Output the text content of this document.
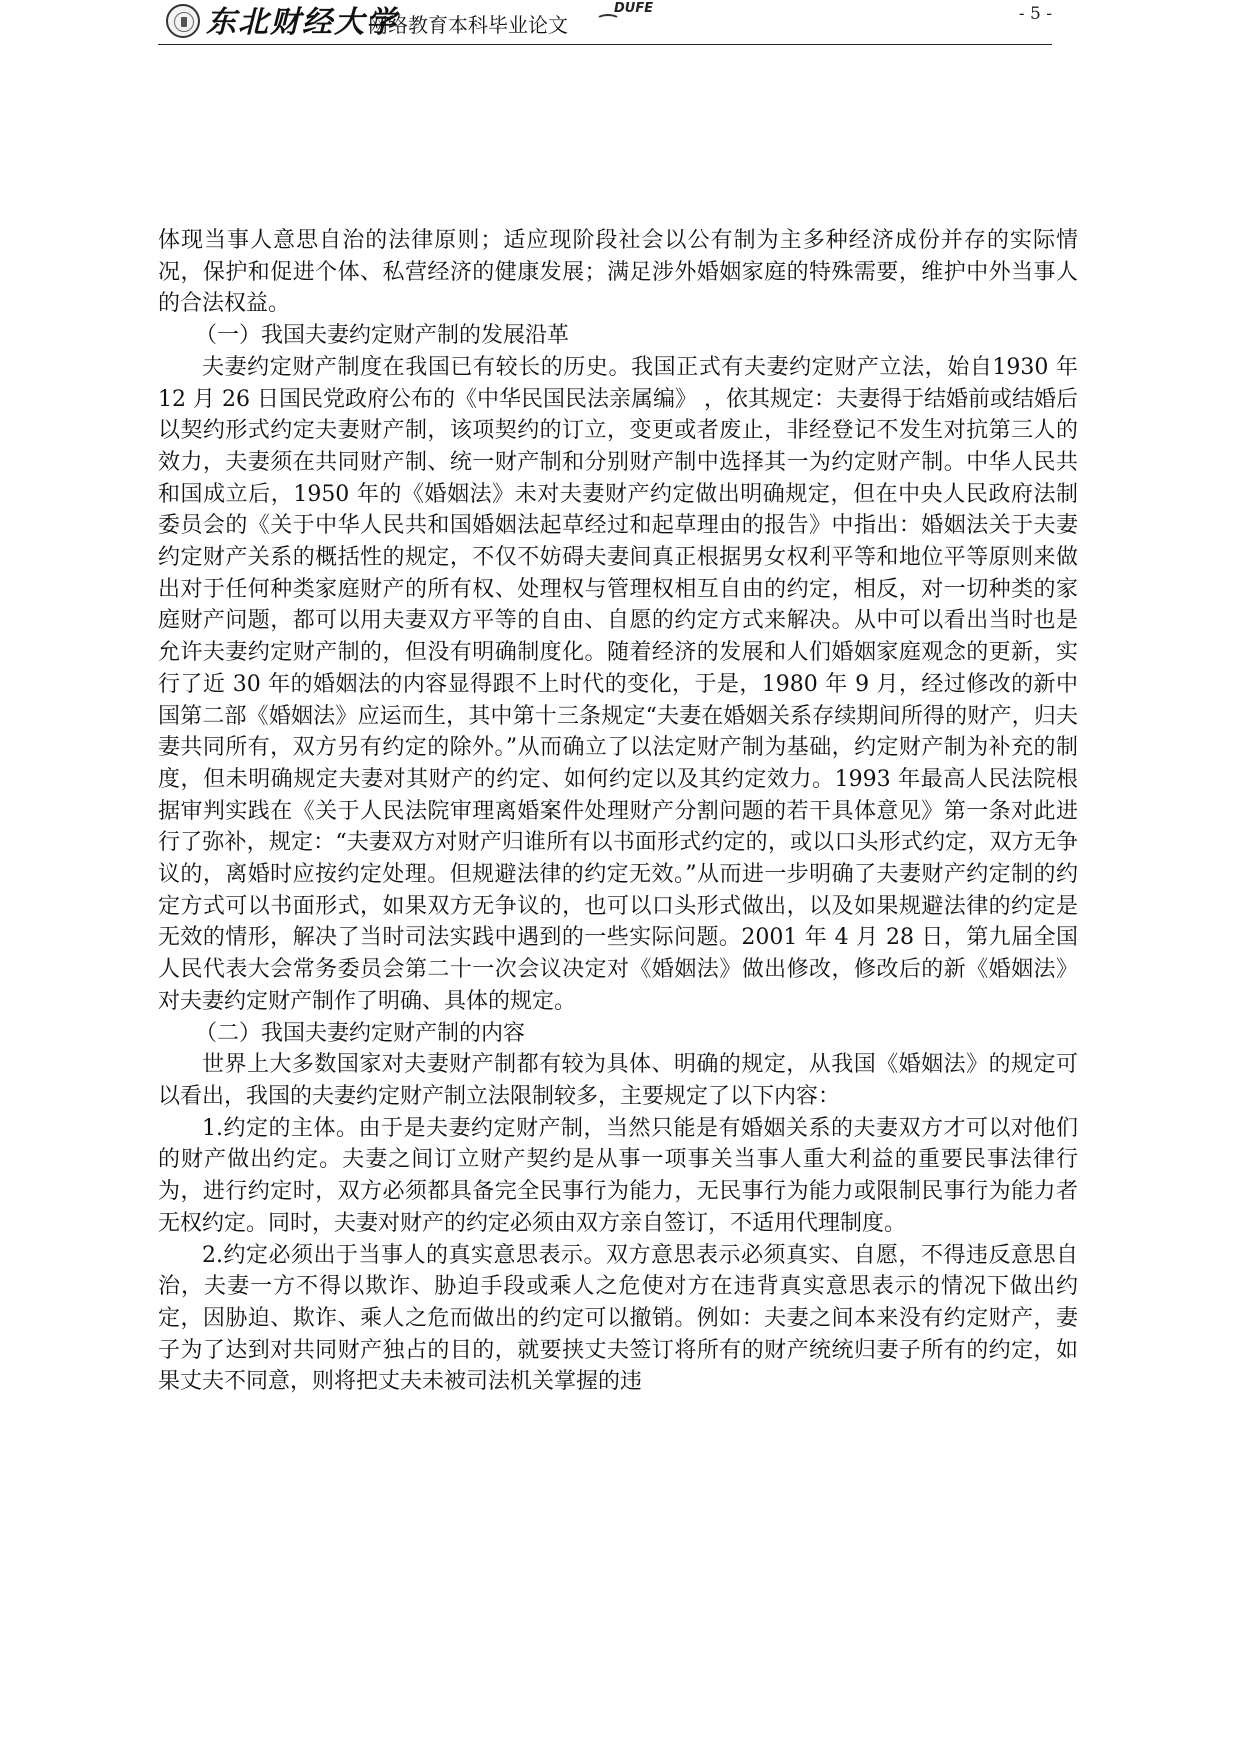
东北财经大学
网络教育本科毕业论文
DUFE	- 5 -

体现当事人意思自治的法律原则；适应现阶段社会以公有制为主多种经济成份并存的实际情况，保护和促进个体、私营经济的健康发展；满足涉外婚姻家庭的特殊需要，维护中外当事人的合法权益。

（一）我国夫妻约定财产制的发展沿革

夫妻约定财产制度在我国已有较长的历史。我国正式有夫妻约定财产立法，始自1930 年 12 月 26 日国民党政府公布的《中华民国民法亲属编》 ，依其规定：夫妻得于结婚前或结婚后以契约形式约定夫妻财产制，该项契约的订立，变更或者废止，非经登记不发生对抗第三人的效力，夫妻须在共同财产制、统一财产制和分别财产制中选择其一为约定财产制。中华人民共和国成立后，1950 年的《婚姻法》未对夫妻财产约定做出明确规定，但在中央人民政府法制委员会的《关于中华人民共和国婚姻法起草经过和起草理由的报告》中指出：婚姻法关于夫妻约定财产关系的概括性的规定，不仅不妨碍夫妻间真正根据男女权利平等和地位平等原则来做出对于任何种类家庭财产的所有权、处理权与管理权相互自由的约定，相反，对一切种类的家庭财产问题，都可以用夫妻双方平等的自由、自愿的约定方式来解决。从中可以看出当时也是允许夫妻约定财产制的，但没有明确制度化。随着经济的发展和人们婚姻家庭观念的更新，实行了近 30 年的婚姻法的内容显得跟不上时代的变化，于是，1980 年 9 月，经过修改的新中国第二部《婚姻法》应运而生，其中第十三条规定“夫妻在婚姻关系存续期间所得的财产，归夫妻共同所有，双方另有约定的除外。”从而确立了以法定财产制为基础，约定财产制为补充的制度，但未明确规定夫妻对其财产的约定、如何约定以及其约定效力。1993 年最高人民法院根据审判实践在《关于人民法院审理离婚案件处理财产分割问题的若干具体意见》第一条对此进行了弥补，规定：“夫妻双方对财产归谁所有以书面形式约定的，或以口头形式约定，双方无争议的，离婚时应按约定处理。但规避法律的约定无效。”从而进一步明确了夫妻财产约定制的约定方式可以书面形式，如果双方无争议的，也可以口头形式做出，以及如果规避法律的约定是无效的情形，解决了当时司法实践中遇到的一些实际问题。2001 年 4 月 28 日，第九届全国人民代表大会常务委员会第二十一次会议决定对《婚姻法》做出修改，修改后的新《婚姻法》对夫妻约定财产制作了明确、具体的规定。

（二）我国夫妻约定财产制的内容

世界上大多数国家对夫妻财产制都有较为具体、明确的规定，从我国《婚姻法》的规定可以看出，我国的夫妻约定财产制立法限制较多，主要规定了以下内容：

1.约定的主体。由于是夫妻约定财产制，当然只能是有婚姻关系的夫妻双方才可以对他们的财产做出约定。夫妻之间订立财产契约是从事一项事关当事人重大利益的重要民事法律行为，进行约定时，双方必须都具备完全民事行为能力，无民事行为能力或限制民事行为能力者无权约定。同时，夫妻对财产的约定必须由双方亲自签订，不适用代理制度。

2.约定必须出于当事人的真实意思表示。双方意思表示必须真实、自愿，不得违反意思自治，夫妻一方不得以欺诈、胁迫手段或乘人之危使对方在违背真实意思表示的情况下做出约定，因胁迫、欺诈、乘人之危而做出的约定可以撤销。例如：夫妻之间本来没有约定财产，妻子为了达到对共同财产独占的目的，就要挟丈夫签订将所有的财产统统归妻子所有的约定，如果丈夫不同意，则将把丈夫未被司法机关掌握的违
